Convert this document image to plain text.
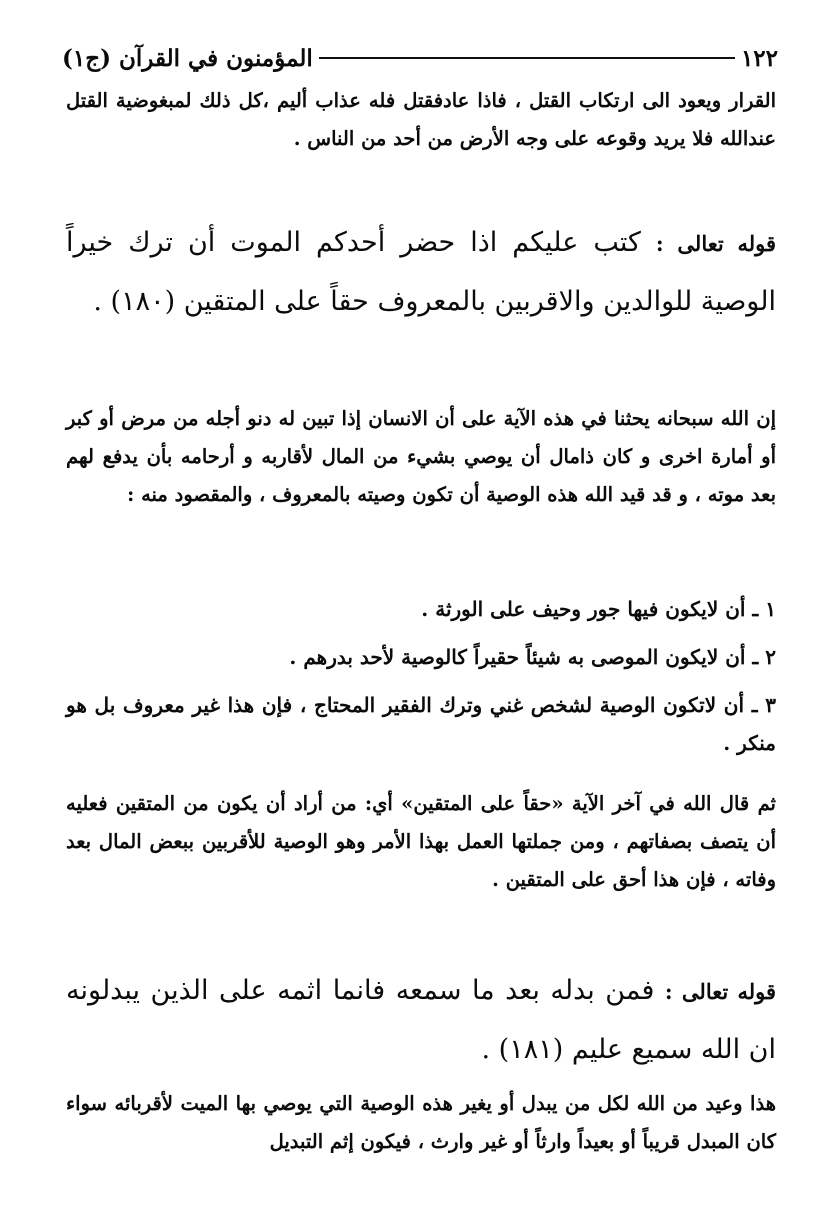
١٢٢
المؤمنون في القرآن (ج١)

القرار ويعود الى ارتكاب القتل ، فاذا عادفقتل فله عذاب أليم ،كل ذلك لمبغوضية القتل عندالله فلا يريد وقوعه على وجه الأرض من أحد من الناس .

قوله تعالى : كتب عليكم اذا حضر أحدكم الموت أن ترك خيراً الوصية للوالدين والاقربين بالمعروف حقاً على المتقين (١٨٠) .

إن الله سبحانه يحثنا في هذه الآية على أن الانسان إذا تبين له دنو أجله من مرض أو كبر أو أمارة اخرى و كان ذامال أن يوصي بشيء من المال لأقاربه و أرحامه بأن يدفع لهم بعد موته ، و قد قيد الله هذه الوصية أن تكون وصيته بالمعروف ، والمقصود منه :

١ ـ أن لايكون فيها جور وحيف على الورثة .

٢ ـ أن لايكون الموصى به شيئاً حقيراً كالوصية لأحد بدرهم .

٣ ـ أن لاتكون الوصية لشخص غني وترك الفقير المحتاج ، فإن هذا غير معروف بل هو منكر .

ثم قال الله في آخر الآية «حقاً على المتقين» أي: من أراد أن يكون من المتقين فعليه أن يتصف بصفاتهم ، ومن جملتها العمل بهذا الأمر وهو الوصية للأقربين ببعض المال بعد وفاته ، فإن هذا أحق على المتقين .

قوله تعالى : فمن بدله بعد ما سمعه فانما اثمه على الذين يبدلونه ان الله سميع عليم (١٨١) .

هذا وعيد من الله لكل من يبدل أو يغير هذه الوصية التي يوصي بها الميت لأقربائه سواء كان المبدل قريباً أو بعيداً وارثاً أو غير وارث ، فيكون إثم التبديل
